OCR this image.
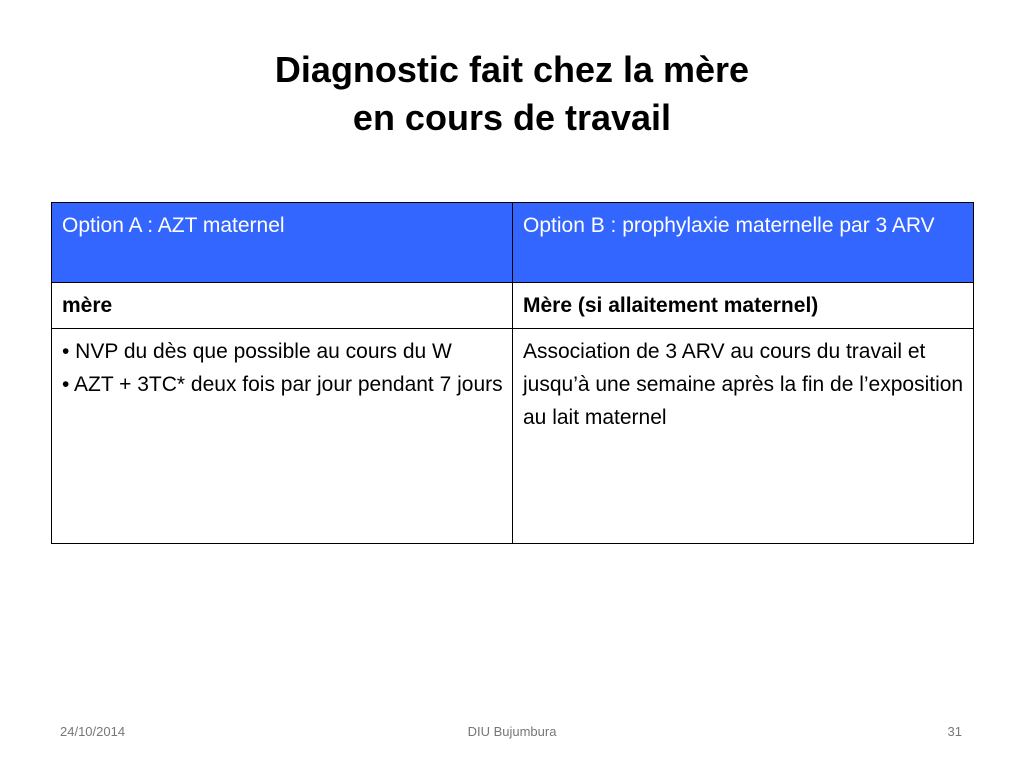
Diagnostic fait chez la mère
en cours de travail
Option A : AZT maternel	Option B : prophylaxie maternelle par 3 ARV
mère	Mère (si allaitement maternel)

• NVP du dès que possible au cours du W
• AZT + 3TC* deux fois par jour pendant 7 jours	Association de 3 ARV au cours du travail et jusqu’à une semaine après la fin de l’exposition au lait maternel
24/10/2014	DIU Bujumbura	31
